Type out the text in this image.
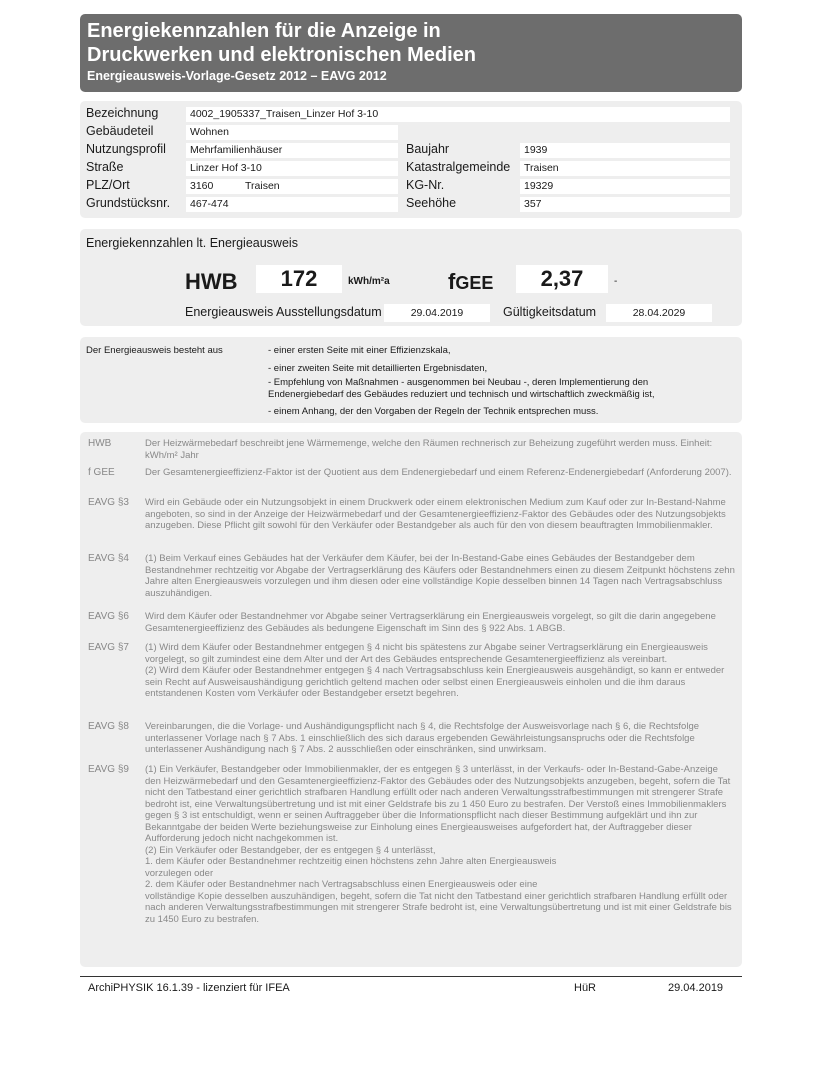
Energiekennzahlen für die Anzeige in
Druckwerken und elektronischen Medien
Energieausweis-Vorlage-Gesetz 2012 – EAVG 2012
Bezeichnung	4002_1905337_Traisen_Linzer Hof 3-10
Gebäudeteil	Wohnen
Nutzungsprofil	Mehrfamilienhäuser	Baujahr	1939
Straße	Linzer Hof 3-10	Katastralgemeinde	Traisen
PLZ/Ort	3160	Traisen	KG-Nr.	19329
Grundstücksnr.	467-474	Seehöhe	357
Energiekennzahlen lt. Energieausweis
HWB	172	kWh/m²a	fGEE	2,37	-
Energieausweis Ausstellungsdatum	29.04.2019	Gültigkeitsdatum	28.04.2029
Der Energieausweis besteht aus	- einer ersten Seite mit einer Effizienzskala,
- einer zweiten Seite mit detaillierten Ergebnisdaten,
- Empfehlung von Maßnahmen - ausgenommen bei Neubau -, deren Implementierung den Endenergiebedarf des Gebäudes reduziert und technisch und wirtschaftlich zweckmäßig ist,
- einem Anhang, der den Vorgaben der Regeln der Technik entsprechen muss.
HWB	Der Heizwärmebedarf beschreibt jene Wärmemenge, welche den Räumen rechnerisch zur Beheizung zugeführt werden muss. Einheit: kWh/m² Jahr
f GEE	Der Gesamtenergieeffizienz-Faktor ist der Quotient aus dem Endenergiebedarf und einem Referenz-Endenergiebedarf (Anforderung 2007).
EAVG §3 Wird ein Gebäude oder ein Nutzungsobjekt in einem Druckwerk oder einem elektronischen Medium zum Kauf oder zur In-Bestand-Nahme angeboten, so sind in der Anzeige der Heizwärmebedarf und der Gesamtenergieeffizienz-Faktor des Gebäudes oder des Nutzungsobjekts anzugeben. Diese Pflicht gilt sowohl für den Verkäufer oder Bestandgeber als auch für den von diesem beauftragten Immobilienmakler.
EAVG §4 (1) Beim Verkauf eines Gebäudes hat der Verkäufer dem Käufer, bei der In-Bestand-Gabe eines Gebäudes der Bestandgeber dem Bestandnehmer rechtzeitig vor Abgabe der Vertragserklärung des Käufers oder Bestandnehmers einen zu diesem Zeitpunkt höchstens zehn Jahre alten Energieausweis vorzulegen und ihm diesen oder eine vollständige Kopie desselben binnen 14 Tagen nach Vertragsabschluss auszuhändigen.
EAVG §6 Wird dem Käufer oder Bestandnehmer vor Abgabe seiner Vertragserklärung ein Energieausweis vorgelegt, so gilt die darin angegebene Gesamtenergieeffizienz des Gebäudes als bedungene Eigenschaft im Sinn des § 922 Abs. 1 ABGB.
EAVG §7 (1) Wird dem Käufer oder Bestandnehmer entgegen § 4 nicht bis spätestens zur Abgabe seiner Vertragserklärung ein Energieausweis vorgelegt, so gilt zumindest eine dem Alter und der Art des Gebäudes entsprechende Gesamtenergieeffizienz als vereinbart.
(2) Wird dem Käufer oder Bestandnehmer entgegen § 4 nach Vertragsabschluss kein Energieausweis ausgehändigt, so kann er entweder sein Recht auf Ausweisaushändigung gerichtlich geltend machen oder selbst einen Energieausweis einholen und die ihm daraus entstandenen Kosten vom Verkäufer oder Bestandgeber ersetzt begehren.
EAVG §8 Vereinbarungen, die die Vorlage- und Aushändigungspflicht nach § 4, die Rechtsfolge der Ausweisvorlage nach § 6, die Rechtsfolge unterlassener Vorlage nach § 7 Abs. 1 einschließlich des sich daraus ergebenden Gewährleistungsanspruchs oder die Rechtsfolge unterlassener Aushändigung nach § 7 Abs. 2 ausschließen oder einschränken, sind unwirksam.
EAVG §9 (1) Ein Verkäufer, Bestandgeber oder Immobilienmakler, der es entgegen § 3 unterlässt, in der Verkaufs- oder In-Bestand-Gabe-Anzeige den Heizwärmebedarf und den Gesamtenergieeffizienz-Faktor des Gebäudes oder des Nutzungsobjekts anzugeben, begeht, sofern die Tat nicht den Tatbestand einer gerichtlich strafbaren Handlung erfüllt oder nach anderen Verwaltungsstrafbestimmungen mit strengerer Strafe bedroht ist, eine Verwaltungsübertretung und ist mit einer Geldstrafe bis zu 1 450 Euro zu bestrafen. Der Verstoß eines Immobilienmaklers gegen § 3 ist entschuldigt, wenn er seinen Auftraggeber über die Informationspflicht nach dieser Bestimmung aufgeklärt und ihn zur Bekanntgabe der beiden Werte beziehungsweise zur Einholung eines Energieausweises aufgefordert hat, der Auftraggeber dieser Aufforderung jedoch nicht nachgekommen ist.
(2) Ein Verkäufer oder Bestandgeber, der es entgegen § 4 unterlässt,
1. dem Käufer oder Bestandnehmer rechtzeitig einen höchstens zehn Jahre alten Energieausweis
vorzulegen oder
2. dem Käufer oder Bestandnehmer nach Vertragsabschluss einen Energieausweis oder eine
vollständige Kopie desselben auszuhändigen, begeht, sofern die Tat nicht den Tatbestand einer gerichtlich strafbaren Handlung erfüllt oder nach anderen Verwaltungsstrafbestimmungen mit strengerer Strafe bedroht ist, eine Verwaltungsübertretung und ist mit einer Geldstrafe bis zu 1450 Euro zu bestrafen.
ArchiPHYSIK 16.1.39 - lizenziert für IFEA	HüR	29.04.2019
